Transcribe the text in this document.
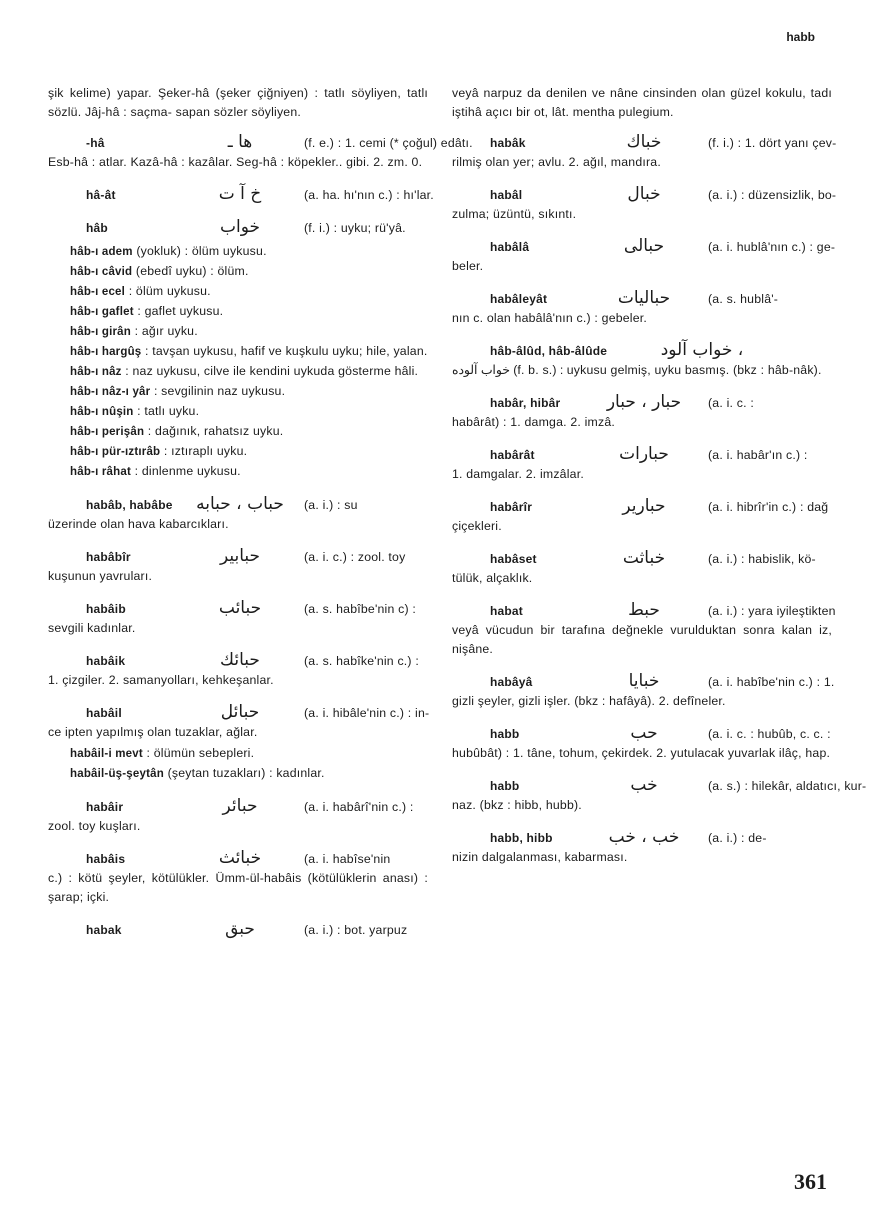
habb

şik kelime) yapar. Şeker-hâ (şeker çiğniyen) : tatlı söyliyen, tatlı sözlü. Jâj-hâ : saçma- sapan sözler söyliyen.

-hâ	ها ـ	(f. e.) : 1. cemi (* çoğul) edâtı.
Esb-hâ : atlar. Kazâ-hâ : kazâlar. Seg-hâ : köpekler.. gibi. 2. zm. 0.
hâ-ât	خ آ ت	(a. ha. hı'nın c.) : hı'lar.
hâb	خواب	(f. i.) : uyku; rü'yâ.

hâb-ı adem (yokluk) : ölüm uykusu.

hâb-ı câvid (ebedî uyku) : ölüm.

hâb-ı ecel : ölüm uykusu.

hâb-ı gaflet : gaflet uykusu.

hâb-ı girân : ağır uyku.

hâb-ı hargûş : tavşan uykusu, hafif ve kuşkulu uyku; hile, yalan.

hâb-ı nâz : naz uykusu, cilve ile kendini uykuda gösterme hâli.

hâb-ı nâz-ı yâr : sevgilinin naz uykusu.

hâb-ı nûşin : tatlı uyku.

hâb-ı perişân : dağınık, rahatsız uyku.

hâb-ı pür-ıztırâb : ıztıraplı uyku.

hâb-ı râhat : dinlenme uykusu.

habâb, habâbe	حباب ، حبابه	(a. i.) : su
üzerinde olan hava kabarcıkları.
habâbîr	حبابير	(a. i. c.) : zool. toy
kuşunun yavruları.
habâib	حبائب	(a. s. habîbe'nin c) :
sevgili kadınlar.
habâik	حبائك	(a. s. habîke'nin c.) :
1. çizgiler. 2. samanyolları, kehkeşanlar.
habâil	حبائل	(a. i. hibâle'nin c.) : in-
ce ipten yapılmış olan tuzaklar, ağlar.

habâil-i mevt : ölümün sebepleri.

habâil-üş-şeytân (şeytan tuzakları) : kadınlar.

habâir	حبائر	(a. i. habârî'nin c.) :
zool. toy kuşları.
habâis	خبائث	(a. i. habîse'nin
c.) : kötü şeyler, kötülükler. Ümm-ül-habâis (kötülüklerin anası) : şarap; içki.
habak	حبق	(a. i.) : bot. yarpuz

veyâ narpuz da denilen ve nâne cinsinden olan güzel kokulu, tadı iştihâ açıcı bir ot, lât. mentha pulegium.

habâk	خباك	(f. i.) : 1. dört yanı çev-
rilmiş olan yer; avlu. 2. ağıl, mandıra.
habâl	خبال	(a. i.) : düzensizlik, bo-
zulma; üzüntü, sıkıntı.
habâlâ	حبالى	(a. i. hublâ'nın c.) : ge-
beler.
habâleyât	حباليات	(a. s. hublâ'-
nın c. olan habâlâ'nın c.) : gebeler.
hâb-âlûd, hâb-âlûde	، خواب آلود
خواب آلوده (f. b. s.) : uykusu gelmiş, uyku basmış. (bkz : hâb-nâk).
habâr, hibâr	حبار ، حبار	(a. i. c. :
habârât) : 1. damga. 2. imzâ.
habârât	حبارات	(a. i. habâr'ın c.) :
1. damgalar. 2. imzâlar.
habârîr	حبارير	(a. i. hibrîr'in c.) : dağ
çiçekleri.
habâset	خباثت	(a. i.) : habislik, kö-
tülük, alçaklık.
habat	حبط	(a. i.) : yara iyileştikten
veyâ vücudun bir tarafına değnekle vurulduktan sonra kalan iz, nişâne.
habâyâ	خبايا	(a. i. habîbe'nin c.) : 1.
gizli şeyler, gizli işler. (bkz : hafâyâ). 2. defîneler.
habb	حب	(a. i. c. : hubûb, c. c. :
hubûbât) : 1. tâne, tohum, çekirdek. 2. yutulacak yuvarlak ilâç, hap.
habb	خب	(a. s.) : hilekâr, aldatıcı, kur-
naz. (bkz : hibb, hubb).
habb, hibb	خب ، خب	(a. i.) : de-
nizin dalgalanması, kabarması.
361
